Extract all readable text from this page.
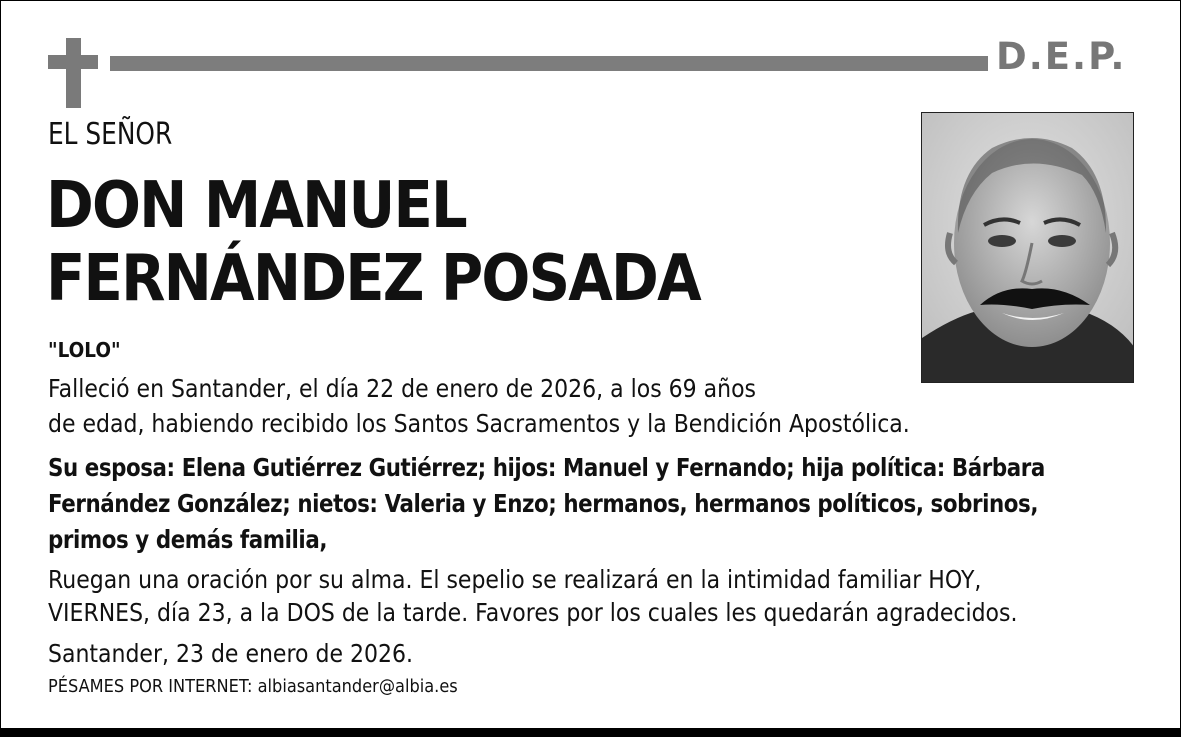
D.E.P.
EL SEÑOR
DON MANUEL
FERNÁNDEZ POSADA
"LOLO"
Falleció en Santander, el día 22 de enero de 2026, a los 69 años
de edad, habiendo recibido los Santos Sacramentos y la Bendición Apostólica.
Su esposa: Elena Gutiérrez Gutiérrez; hijos: Manuel y Fernando; hija política: Bárbara
Fernández González; nietos: Valeria y Enzo; hermanos, hermanos políticos, sobrinos,
primos y demás familia,
Ruegan una oración por su alma. El sepelio se realizará en la intimidad familiar HOY,
VIERNES, día 23, a la DOS de la tarde. Favores por los cuales les quedarán agradecidos.
Santander, 23 de enero de 2026.
PÉSAMES POR INTERNET: albiasantander@albia.es
